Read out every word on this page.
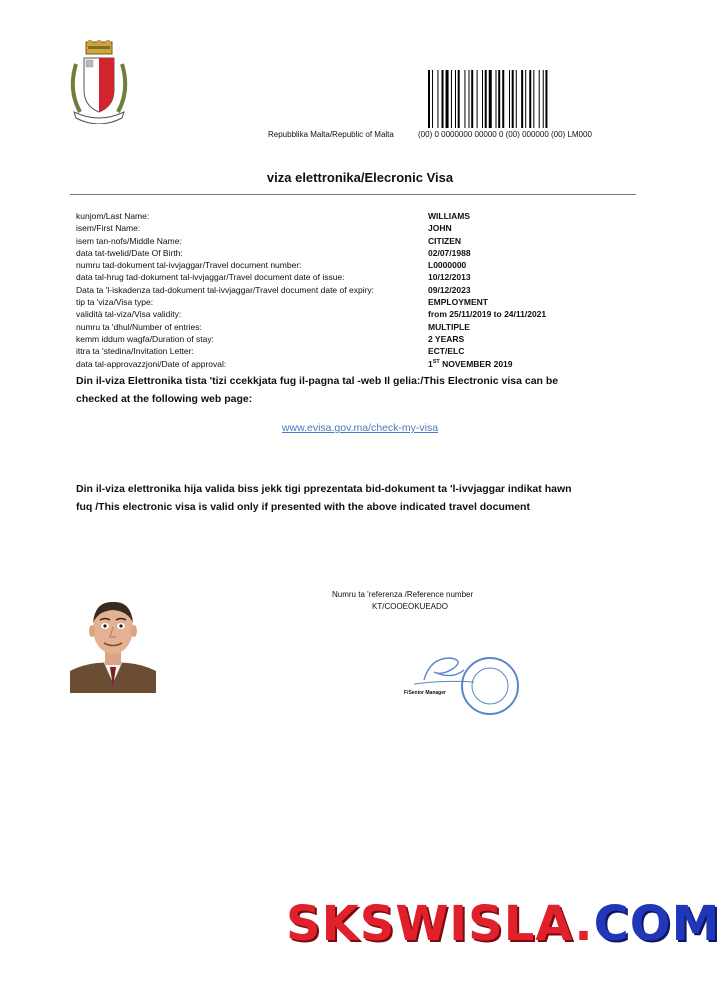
Repubblika Malta/Republic of Malta	(00) 0 0000000 00000 0 (00) 000000 (00) LM000
viza elettronika/Elecronic Visa
kunjom/Last Name:	WILLIAMS
isem/First Name:	JOHN
isem tan-nofs/Middle Name:	CITIZEN
data tat-twelid/Date Of Birth:	02/07/1988
numru tad-dokument tal-ivvjaggar/Travel document number:	L0000000
data tal-hrug tad-dokument tal-ivvjaggar/Travel document date of issue:	10/12/2013
Data ta 'l-iskadenza tad-dokument tal-ivvjaggar/Travel document date of expiry:	09/12/2023
tip ta 'viza/Visa type:	EMPLOYMENT
validità tal-viza/Visa validity:	from 25/11/2019 to 24/11/2021
numru ta 'dhul/Number of entries:	MULTIPLE
kemm iddum wagfa/Duration of stay:	2 YEARS
ittra ta 'stedina/Invitation Letter:	ECT/ELC
data tal-approvazzjoni/Date of approval:	1ST NOVEMBER 2019
Din il-viza Elettronika tista 'tizi ccekkjata fug il-pagna tal -web Il gelia:/This Electronic visa can be checked at the following web page:
www.evisa.gov.ma/check-my-visa
Din il-viza elettronika hija valida biss jekk tigi pprezentata bid-dokument ta 'l-ivvjaggar indikat hawn fuq /This electronic visa is valid only if presented with the above indicated travel document
Numru ta 'referenza /Reference number
KT/COOEOKUEADO
F/Senior Manager
SKSWISLA.COM
